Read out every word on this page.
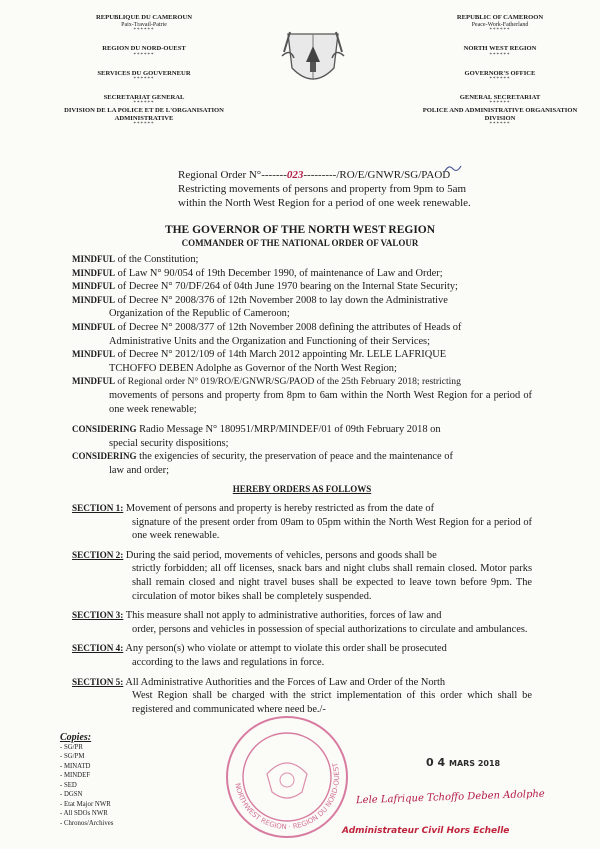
REPUBLIQUE DU CAMEROUN
Paix-Travail-Patrie
******
REGION DU NORD-OUEST
******
SERVICES DU GOUVERNEUR
******
SECRETARIAT GENERAL
******
DIVISION DE LA POLICE ET DE L'ORGANISATION ADMINISTRATIVE
******
REPUBLIC OF CAMEROON
Peace-Work-Fatherland
******
NORTH WEST REGION
******
GOVERNOR'S OFFICE
******
GENERAL SECRETARIAT
******
POLICE AND ADMINISTRATIVE ORGANISATION DIVISION
******
Regional Order N°-------023---------/RO/E/GNWR/SG/PAOD
Restricting movements of persons and property from 9pm to 5am
within the North West Region for a period of one week renewable.
THE GOVERNOR OF THE NORTH WEST REGION
COMMANDER OF THE NATIONAL ORDER OF VALOUR

MINDFUL of the Constitution;

MINDFUL of Law N° 90/054 of 19th December 1990, of maintenance of Law and Order;

MINDFUL of Decree N° 70/DF/264 of 04th June 1970 bearing on the Internal State Security;

MINDFUL of Decree N° 2008/376 of 12th November 2008 to lay down the Administrative
Organization of the Republic of Cameroon;

MINDFUL of Decree N° 2008/377 of 12th November 2008 defining the attributes of Heads of
Administrative Units and the Organization and Functioning of their Services;

MINDFUL of Decree N° 2012/109 of 14th March 2012 appointing Mr. LELE LAFRIQUE
TCHOFFO DEBEN Adolphe as Governor of the North West Region;

MINDFUL of Regional order N° 019/RO/E/GNWR/SG/PAOD of the 25th February 2018; restricting
movements of persons and property from 8pm to 6am within the North West Region for a period of one week renewable;

CONSIDERING Radio Message N° 180951/MRP/MINDEF/01 of 09th February 2018 on
special security dispositions;

CONSIDERING the exigencies of security, the preservation of peace and the maintenance of
law and order;

HEREBY ORDERS AS FOLLOWS

SECTION 1: Movement of persons and property is hereby restricted as from the date of
signature of the present order from 09am to 05pm within the North West Region for a period of one week renewable.

SECTION 2: During the said period, movements of vehicles, persons and goods shall be
strictly forbidden; all off licenses, snack bars and night clubs shall remain closed. Motor parks shall remain closed and night travel buses shall be expected to leave town before 9pm. The circulation of motor bikes shall be completely suspended.

SECTION 3: This measure shall not apply to administrative authorities, forces of law and
order, persons and vehicles in possession of special authorizations to circulate and ambulances.

SECTION 4: Any person(s) who violate or attempt to violate this order shall be prosecuted
according to the laws and regulations in force.

SECTION 5: All Administrative Authorities and the Forces of Law and Order of the North
West Region shall be charged with the strict implementation of this order which shall be registered and communicated where need be./-

Copies:
- SG/PR
- SG/PM
- MINATD
- MINDEF
- SED
- DGSN
- Etat Major NWR
- All SDOs NWR
- Chronos/Archives
NORTHWEST REGION · REGION DU NORD-OUEST	0 4 MARS 2018
Lele Lafrique Tchoffo Deben Adolphe
Administrateur Civil Hors Echelle
